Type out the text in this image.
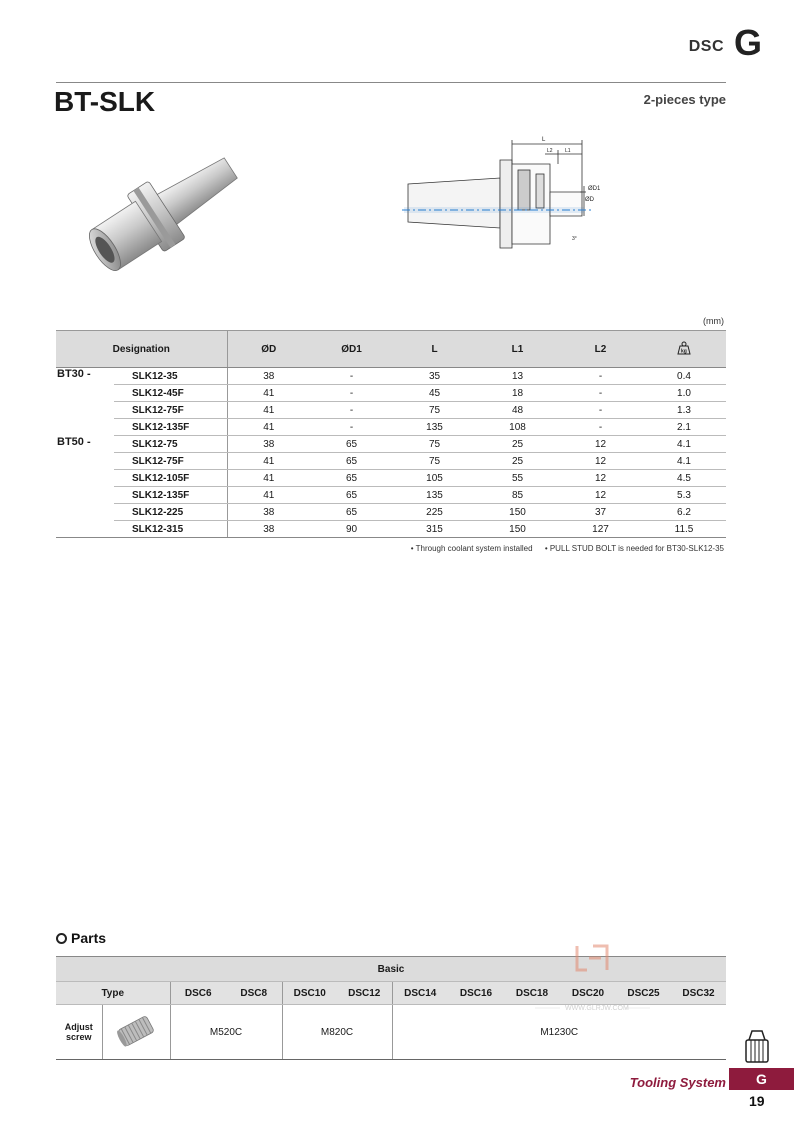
DSC G
BT-SLK	2-pieces type
L
L2 L1
ØD1
ØD
3°
(mm)
Designation		ØD	ØD1	L	L1	L2	kg

BT30 -	SLK12-35	38	-	35	13	-	0.4
	SLK12-45F	41	-	45	18	-	1.0
	SLK12-75F	41	-	75	48	-	1.3
	SLK12-135F	41	-	135	108	-	2.1
BT50 -	SLK12-75	38	65	75	25	12	4.1
	SLK12-75F	41	65	75	25	12	4.1
	SLK12-105F	41	65	105	55	12	4.5
	SLK12-135F	41	65	135	85	12	5.3
	SLK12-225	38	65	225	150	37	6.2
	SLK12-315	38	90	315	150	127	11.5
• Through coolant system installed • PULL STUD BOLT is needed for BT30-SLK12-35
Parts
Basic											
Type		DSC6	DSC8	DSC10	DSC12	DSC14	DSC16	DSC18	DSC20	DSC25	DSC32
Adjust screw		M520C		M820C		M1230C					
WWW.GLRJW.COM
Tooling System	G
19
